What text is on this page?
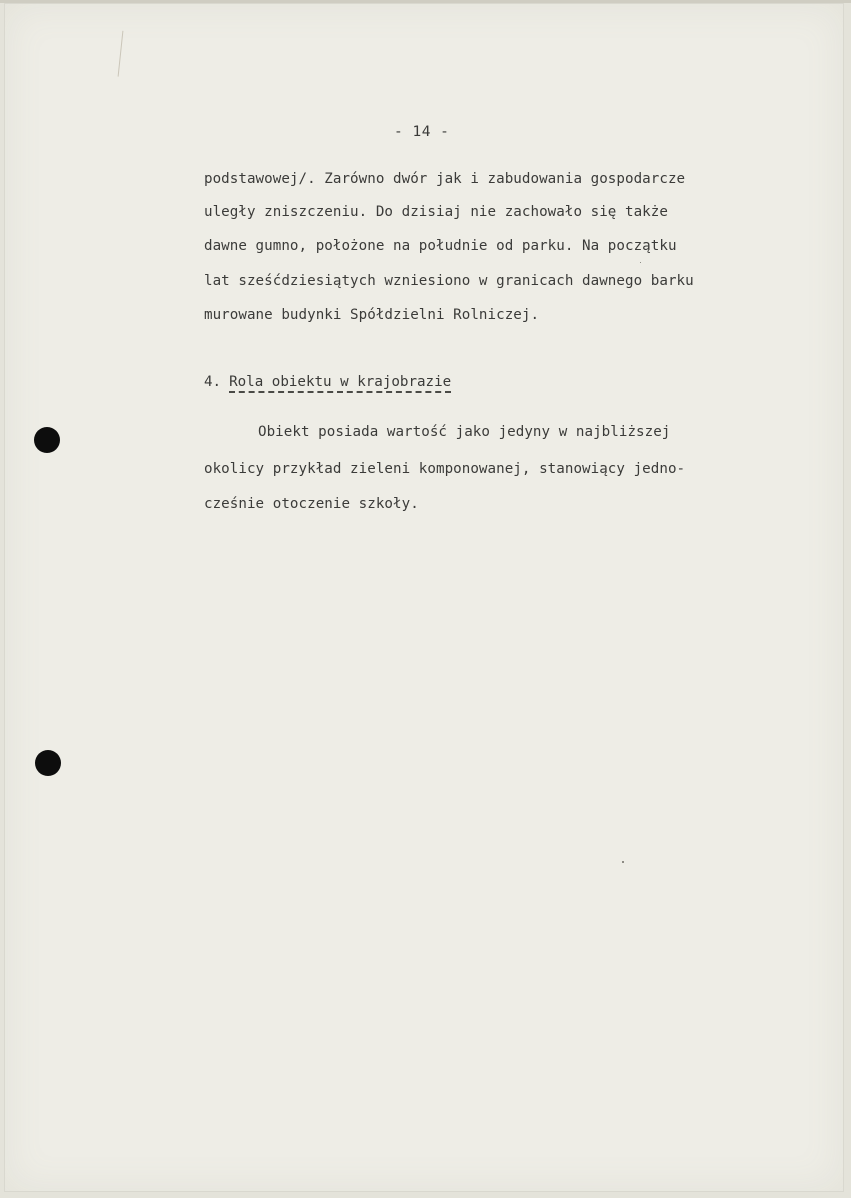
- 14 -
podstawowej/. Zarówno dwór jak i zabudowania gospodarcze
uległy zniszczeniu. Do dzisiaj nie zachowało się także
dawne gumno, położone na południe od parku. Na początku
lat sześćdziesiątych wzniesiono w granicach dawnego barku
murowane budynki Spółdzielni Rolniczej.
4. Rola obiektu w krajobrazie
Obiekt posiada wartość jako jedyny w najbliższej
okolicy przykład zieleni komponowanej, stanowiący jedno-
cześnie otoczenie szkoły.
